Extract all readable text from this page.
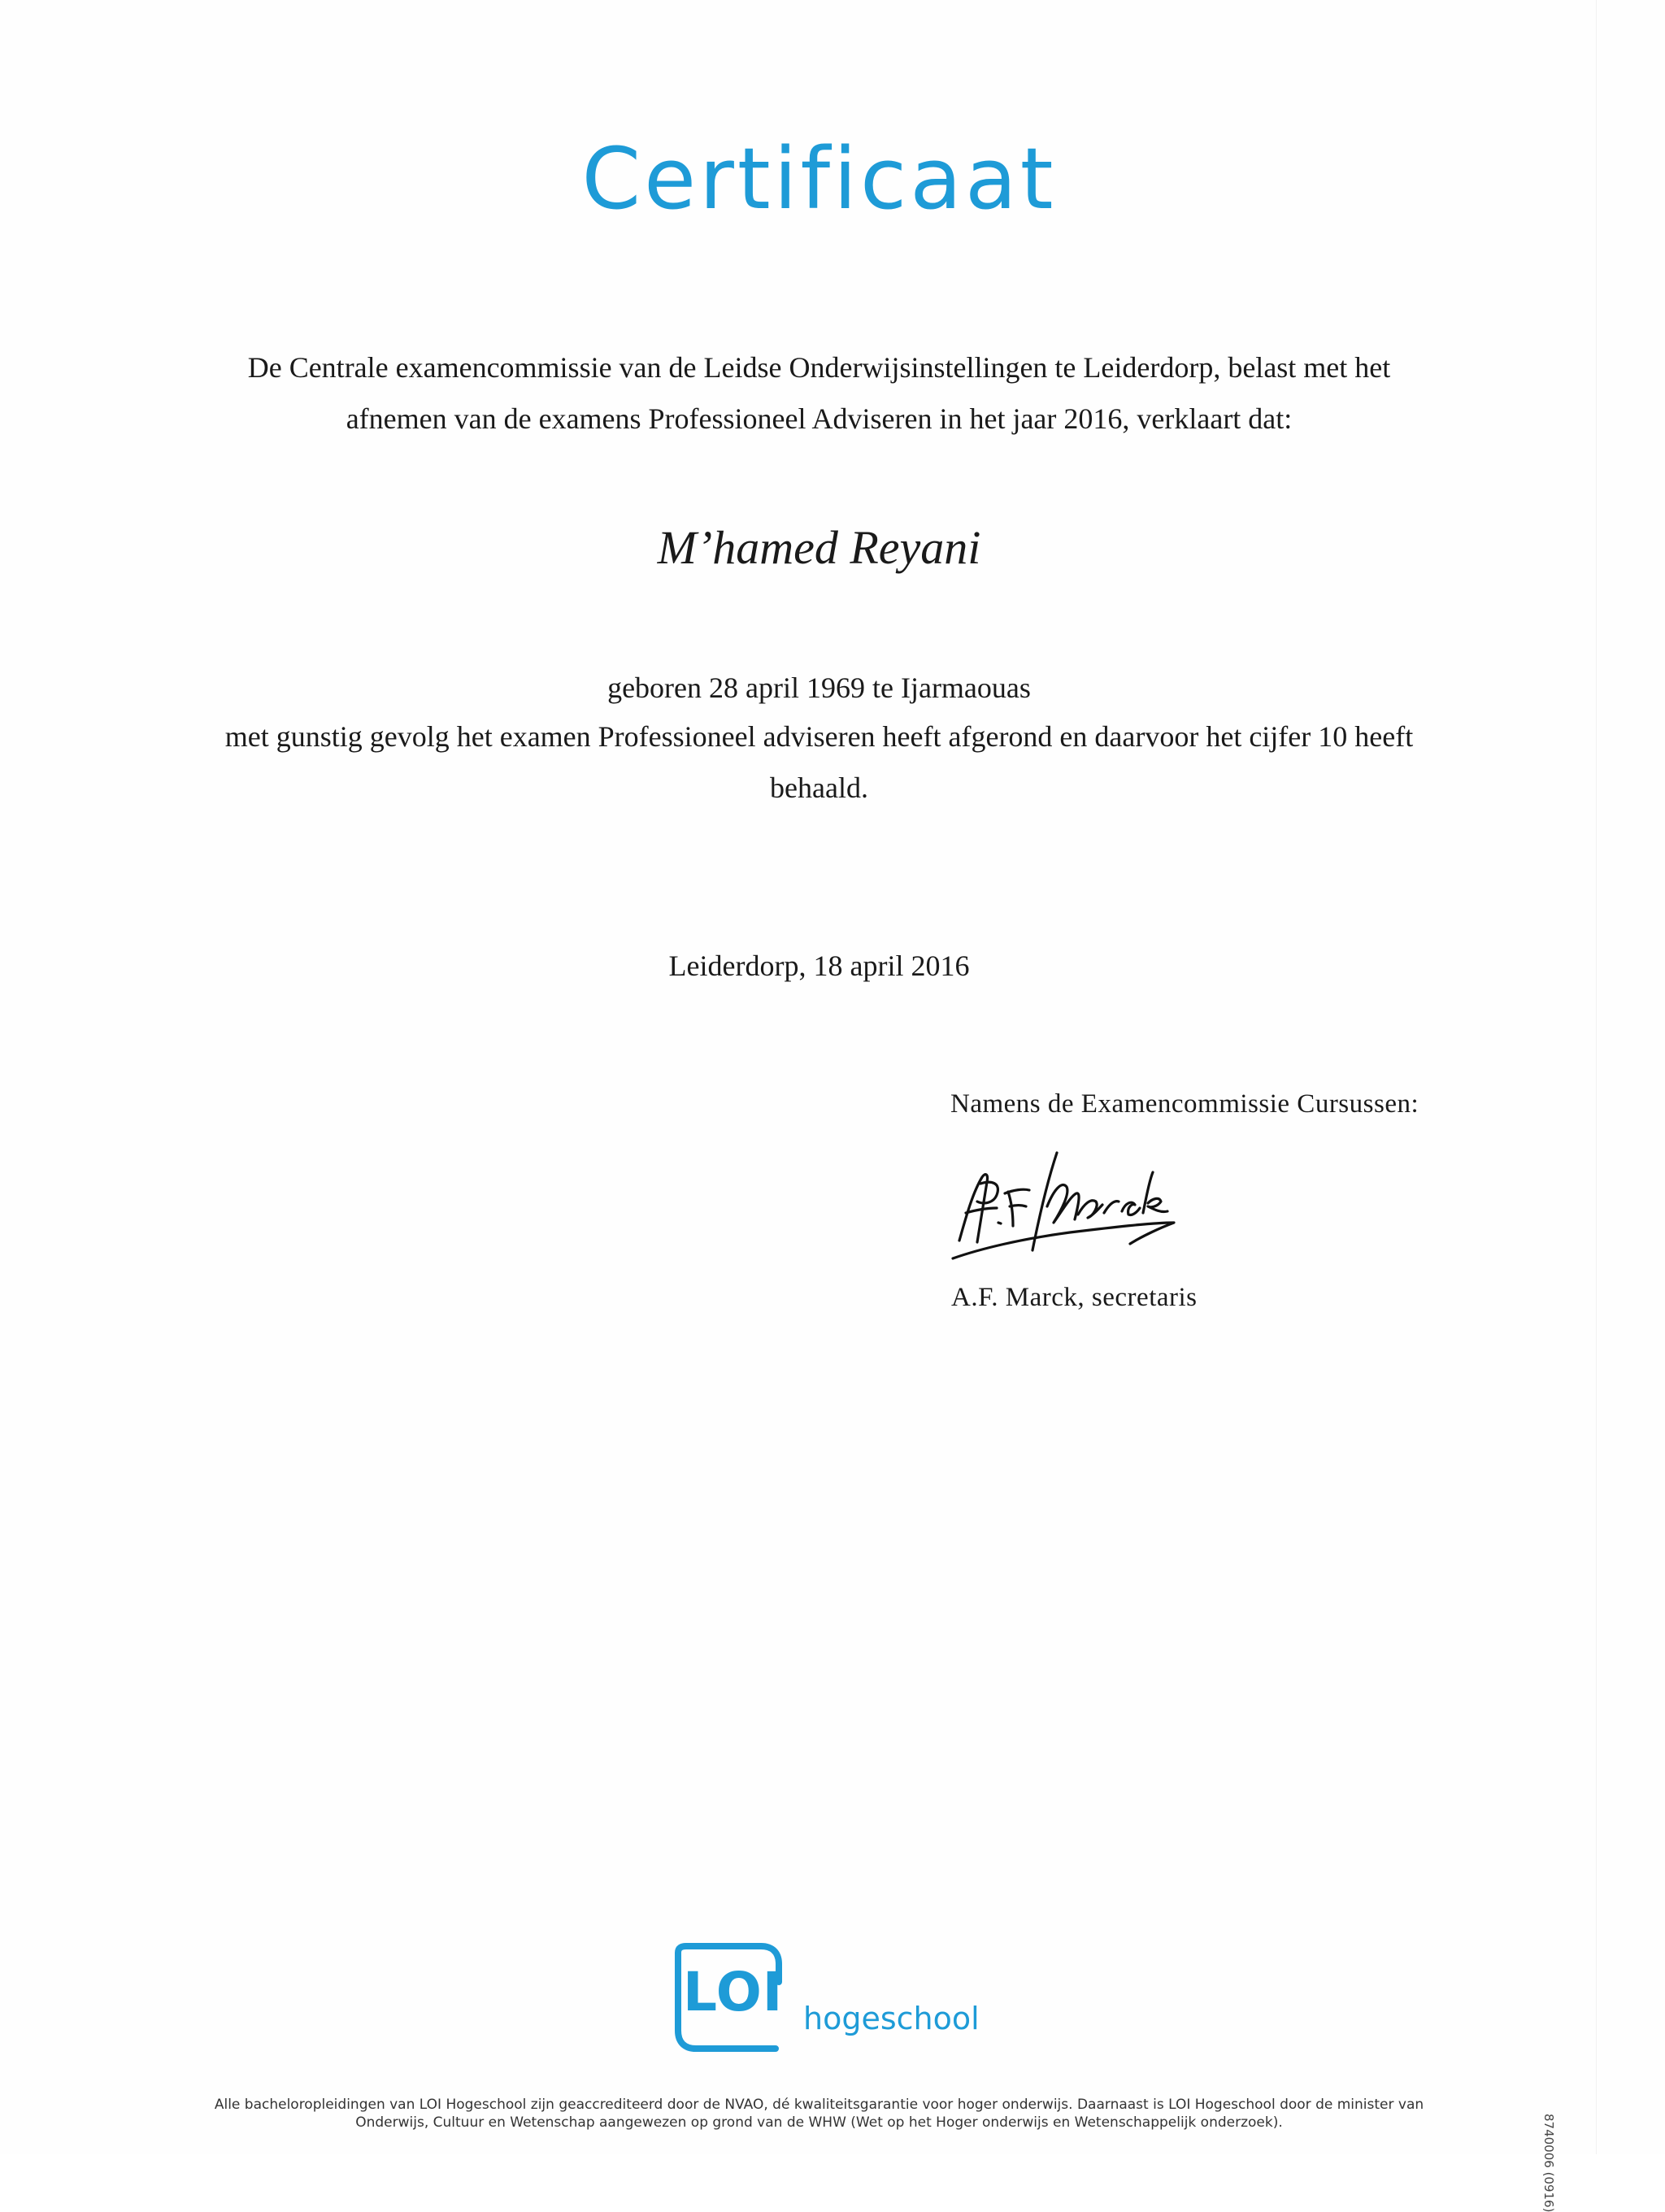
Certificaat
De Centrale examencommissie van de Leidse Onderwijsinstellingen te Leiderdorp, belast met het
afnemen van de examens Professioneel Adviseren in het jaar 2016, verklaart dat:
M’hamed Reyani
geboren 28 april 1969 te Ijarmaouas
met gunstig gevolg het examen Professioneel adviseren heeft afgerond en daarvoor het cijfer 10 heeft
behaald.
Leiderdorp, 18 april 2016
Namens de Examencommissie Cursussen:
A.F. Marck, secretaris
LOI hogeschool
Alle bacheloropleidingen van LOI Hogeschool zijn geaccrediteerd door de NVAO, dé kwaliteitsgarantie voor hoger onderwijs. Daarnaast is LOI Hogeschool door de minister van
Onderwijs, Cultuur en Wetenschap aangewezen op grond van de WHW (Wet op het Hoger onderwijs en Wetenschappelijk onderzoek).	8740006 (0916)
